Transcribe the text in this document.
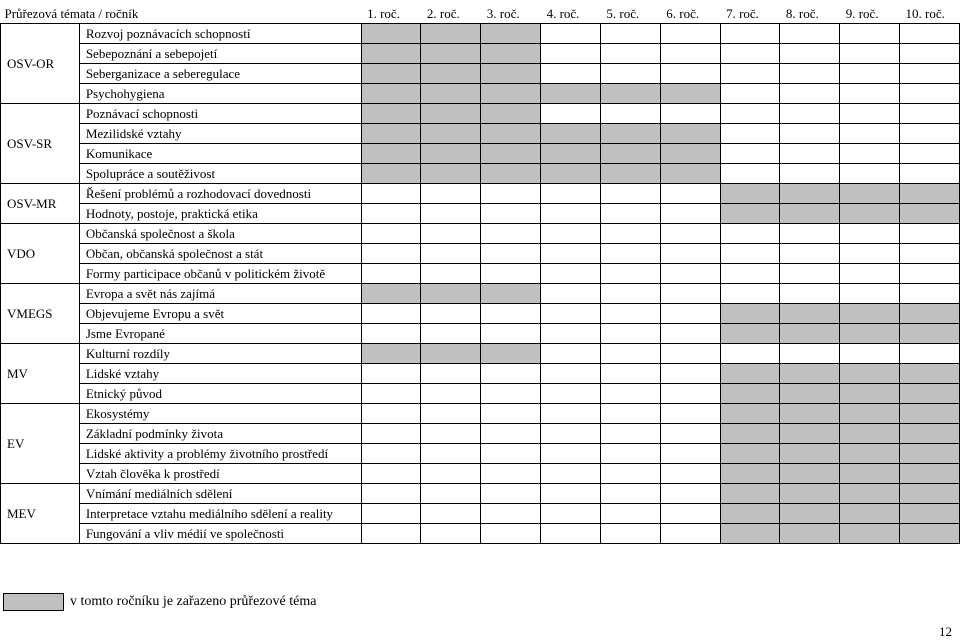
Průřezová témata / ročník		1. roč.	2. roč.	3. roč.	4. roč.	5. roč.	6. roč.	7. roč.	8. roč.	9. roč.	10. roč.
OSV-OR	Rozvoj poznávacích schopností										
	Sebepoznání a sebepojetí										
	Seberganizace a seberegulace										
	Psychohygiena										
OSV-SR	Poznávací schopnosti										
	Mezilidské vztahy										
	Komunikace										
	Spolupráce a soutěživost										
OSV-MR	Řešení problémů a rozhodovací dovednosti										
	Hodnoty, postoje, praktická etika										
VDO	Občanská společnost a škola										
	Občan, občanská společnost a stát										
	Formy participace občanů v politickém životě										
VMEGS	Evropa a svět nás zajímá										
	Objevujeme Evropu a svět										
	Jsme Evropané										
MV	Kulturní rozdíly										
	Lidské vztahy										
	Etnický původ										
EV	Ekosystémy										
	Základní podmínky života										
	Lidské aktivity a problémy životního prostředí										
	Vztah člověka k prostředí										
MEV	Vnímání mediálních sdělení										
	Interpretace vztahu mediálního sdělení a reality										
	Fungování a vliv médií ve společnosti										
v tomto ročníku je zařazeno průřezové téma
12
